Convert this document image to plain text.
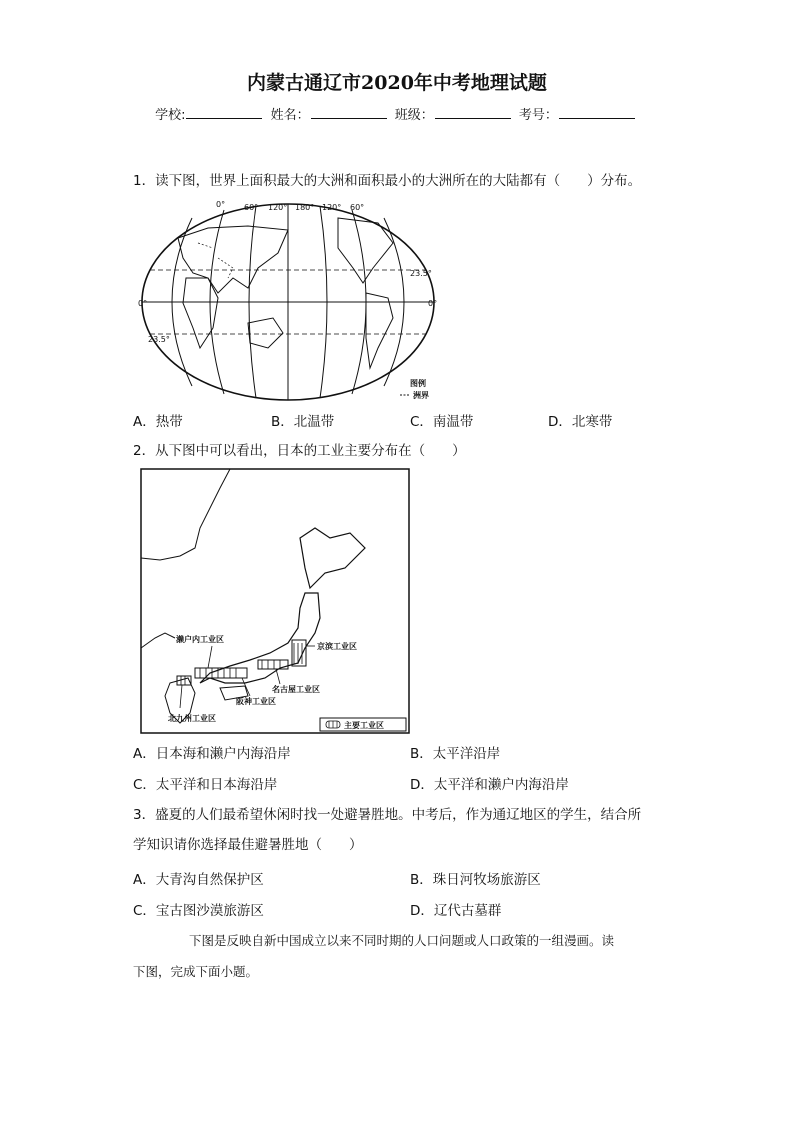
内蒙古通辽市2020年中考地理试题
学校:	姓名：	班级：	考号：
1．读下图，世界上面积最大的大洲和面积最小的大洲所在的大陆都有（　　）分布。
图例
洲界
0° 60° 120° 180° 120° 60°
23.5°
23.5°
0°	0°
A．热带	B．北温带	C．南温带	D．北寒带
2．从下图中可以看出，日本的工业主要分布在（　　）
濑户内工业区
京滨工业区
名古屋工业区
阪神工业区
北九州工业区
主要工业区
A．日本海和濑户内海沿岸	B．太平洋沿岸
C．太平洋和日本海沿岸	D．太平洋和濑户内海沿岸
3．盛夏的人们最希望休闲时找一处避暑胜地。中考后，作为通辽地区的学生，结合所
学知识请你选择最佳避暑胜地（　　）
A．大青沟自然保护区	B．珠日河牧场旅游区
C．宝古图沙漠旅游区	D．辽代古墓群
下图是反映自新中国成立以来不同时期的人口问题或人口政策的一组漫画。读
下图，完成下面小题。
